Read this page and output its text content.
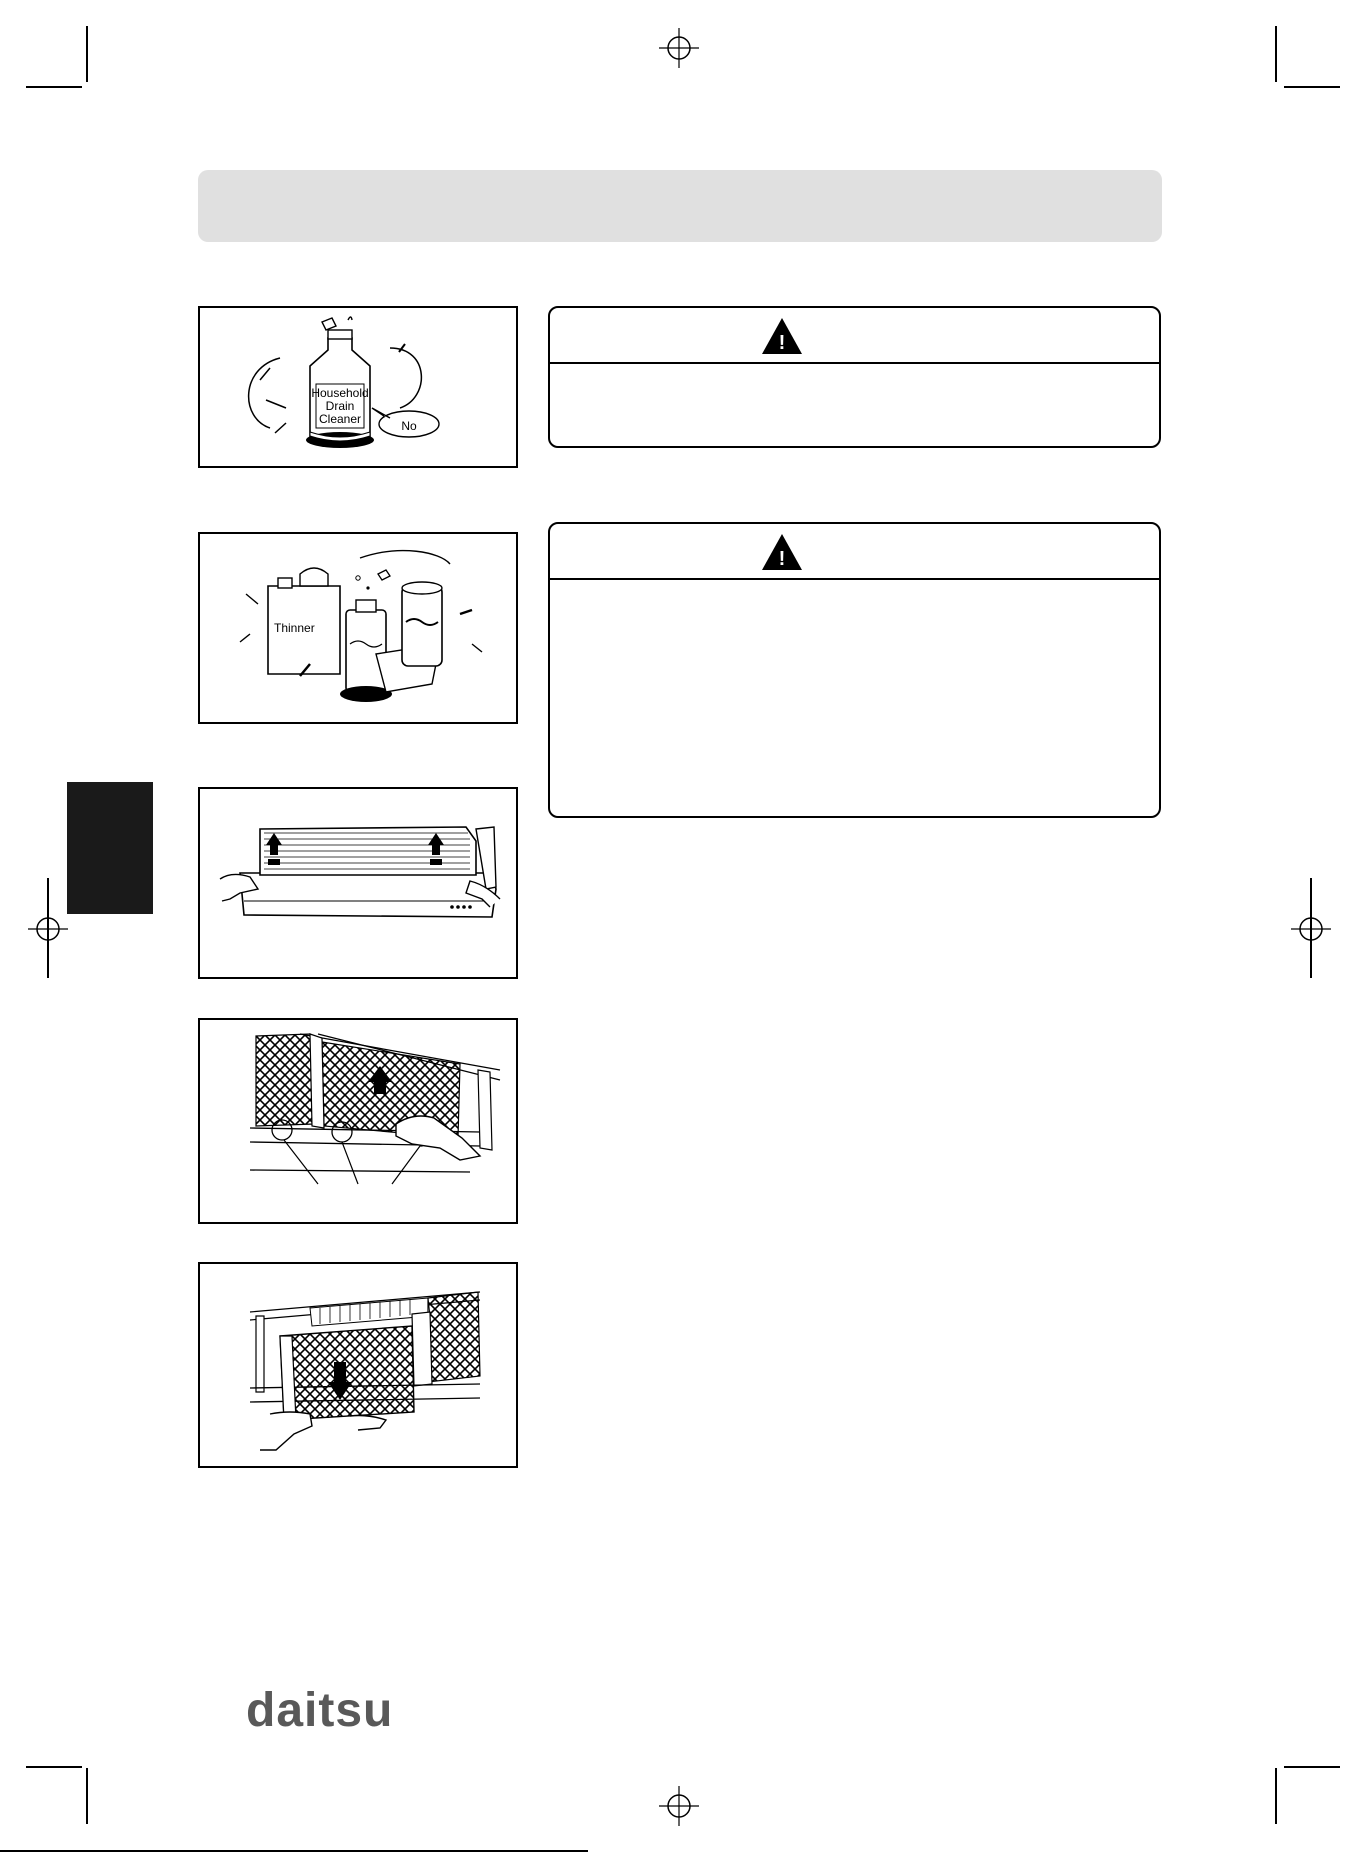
Household
Drain
Cleaner	No
Thinner
!
!
daitsu
